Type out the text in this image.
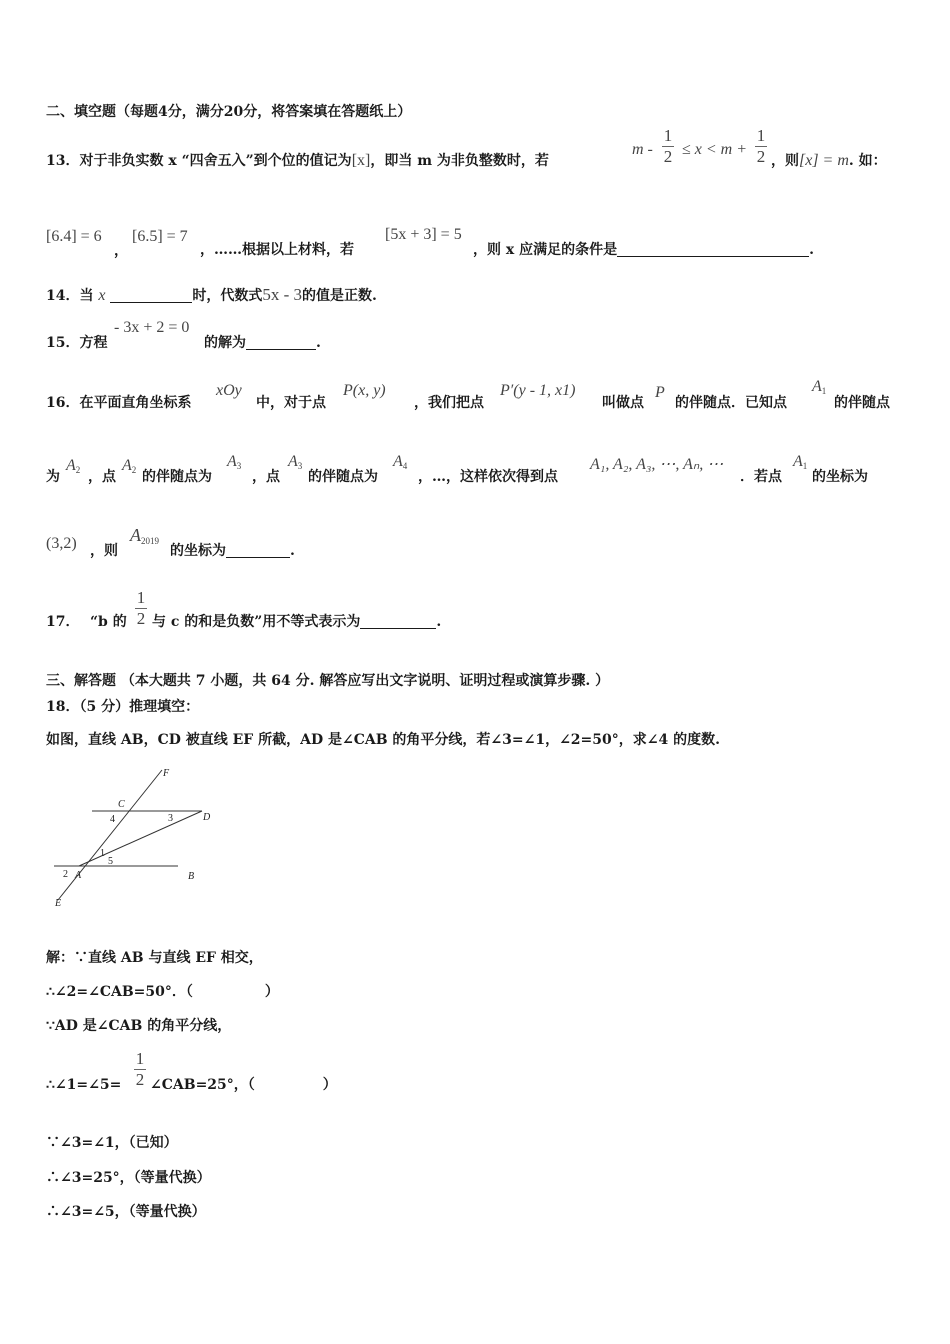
二、填空题（每题4分，满分20分，将答案填在答题纸上）
13．对于非负实数 x “四舍五入”到个位的值记为[x]，即当 m 为非负整数时，若
m -
1
2 ≤ x < m +
1
2 ，则[x] = m. 如：
[6.4] = 6
，
[6.5] = 7
，……根据以上材料，若
[5x + 3] = 5
，则 x 应满足的条件是	.
14．当 x	时，代数式5x - 3的值是正数.
15．方程
- 3x + 2 = 0
的解为	.
16．在平面直角坐标系
xOy
中，对于点
P(x, y)
，我们把点
P′(y - 1, x1)
叫做点
P
的伴随点．已知点
$A_1$
的伴随点
为
$A_2$ ，点
$A_2$ 的伴随点为
$A_3$
，点
$A_3$
的伴随点为
$A_4$
，…，这样依次得到点
A₁, A₂, A₃, ⋯, Aₙ, ⋯
．若点
$A_1$
的坐标为
(3,2) ，则
$A_{2019}$
的坐标为	.
17． “b 的
1
2 与 c 的和是负数”用不等式表示为	.
三、解答题 （本大题共 7 小题，共 64 分. 解答应写出文字说明、证明过程或演算步骤. ）
18．（5 分）推理填空：
如图，直线 AB，CD 被直线 EF 所截，AD 是∠CAB 的角平分线，若∠3=∠1，∠2=50°，求∠4 的度数.
F
C
D
4	3
1
5
2 A	B
E
解：∵直线 AB 与直线 EF 相交，
∴∠2=∠CAB=50°．（	）
∵AD 是∠CAB 的角平分线，
∴∠1=∠5=
1
2 ∠CAB=25°，（	）
∵∠3=∠1，（已知）
∴∠3=25°，（等量代换）
∴∠3=∠5，（等量代换）
